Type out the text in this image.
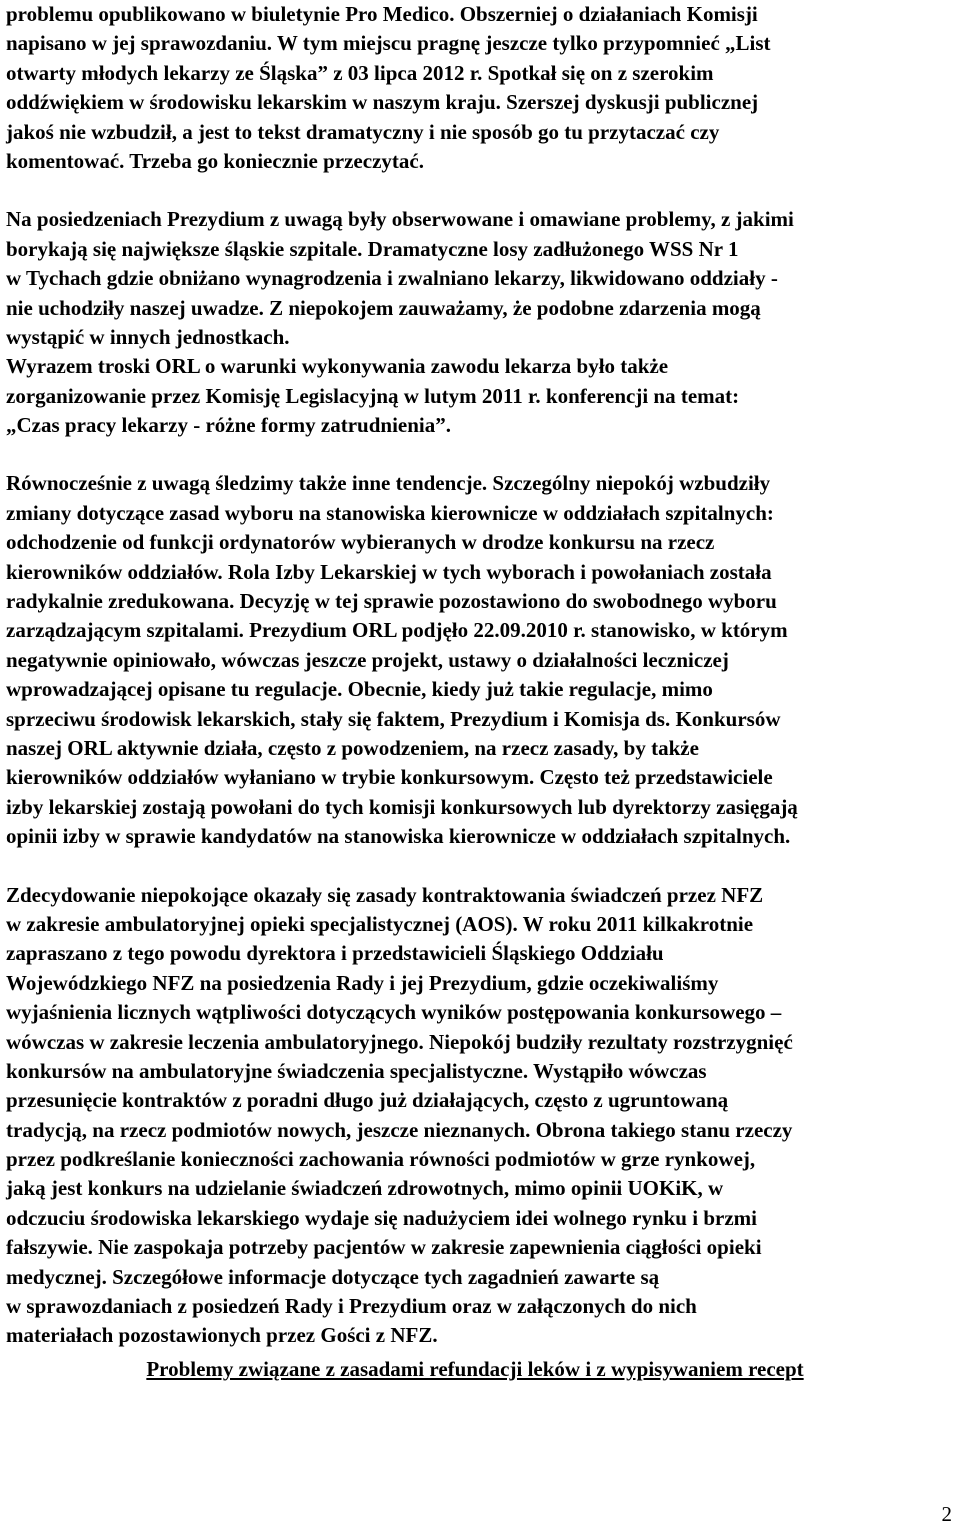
problemu opublikowano w biuletynie Pro Medico. Obszerniej o działaniach Komisji
napisano w jej sprawozdaniu. W tym miejscu pragnę jeszcze tylko przypomnieć „List
otwarty młodych lekarzy ze Śląska” z 03 lipca 2012 r. Spotkał się on z szerokim
oddźwiękiem w środowisku lekarskim w naszym kraju. Szerszej dyskusji publicznej
jakoś nie wzbudził, a jest to tekst dramatyczny i nie sposób go tu przytaczać czy
komentować. Trzeba go koniecznie przeczytać.
Na posiedzeniach Prezydium z uwagą były obserwowane i omawiane problemy, z jakimi
borykają się największe śląskie szpitale. Dramatyczne losy zadłużonego WSS Nr 1
w Tychach gdzie obniżano wynagrodzenia i zwalniano lekarzy, likwidowano oddziały -
nie uchodziły naszej uwadze. Z niepokojem zauważamy, że podobne zdarzenia mogą
wystąpić w innych jednostkach.
Wyrazem troski ORL o warunki wykonywania zawodu lekarza było także
zorganizowanie przez Komisję Legislacyjną w lutym 2011 r. konferencji na temat:
„Czas pracy lekarzy - różne formy zatrudnienia”.
Równocześnie z uwagą śledzimy także inne tendencje. Szczególny niepokój wzbudziły
zmiany dotyczące zasad wyboru na stanowiska kierownicze w oddziałach szpitalnych:
odchodzenie od funkcji ordynatorów wybieranych w drodze konkursu na rzecz
kierowników oddziałów. Rola Izby Lekarskiej w tych wyborach i powołaniach została
radykalnie zredukowana. Decyzję w tej sprawie pozostawiono do swobodnego wyboru
zarządzającym szpitalami. Prezydium ORL podjęło 22.09.2010 r. stanowisko, w którym
negatywnie opiniowało, wówczas jeszcze projekt, ustawy o działalności leczniczej
wprowadzającej opisane tu regulacje. Obecnie, kiedy już takie regulacje, mimo
sprzeciwu środowisk lekarskich, stały się faktem, Prezydium i Komisja ds. Konkursów
naszej ORL aktywnie działa, często z powodzeniem, na rzecz zasady, by także
kierowników oddziałów wyłaniano w trybie konkursowym. Często też przedstawiciele
izby lekarskiej zostają powołani do tych komisji konkursowych lub dyrektorzy zasięgają
opinii izby w sprawie kandydatów na stanowiska kierownicze w oddziałach szpitalnych.
Zdecydowanie niepokojące okazały się zasady kontraktowania świadczeń przez NFZ
w zakresie ambulatoryjnej opieki specjalistycznej (AOS). W roku 2011 kilkakrotnie
zapraszano z tego powodu dyrektora i przedstawicieli Śląskiego Oddziału
Wojewódzkiego NFZ na posiedzenia Rady i jej Prezydium, gdzie oczekiwaliśmy
wyjaśnienia licznych wątpliwości dotyczących wyników postępowania konkursowego –
wówczas w zakresie leczenia ambulatoryjnego. Niepokój budziły rezultaty rozstrzygnięć
konkursów na ambulatoryjne świadczenia specjalistyczne. Wystąpiło wówczas
przesunięcie kontraktów z poradni długo już działających, często z ugruntowaną
tradycją, na rzecz podmiotów nowych, jeszcze nieznanych. Obrona takiego stanu rzeczy
przez podkreślanie konieczności zachowania równości podmiotów w grze rynkowej,
jaką jest konkurs na udzielanie świadczeń zdrowotnych, mimo opinii UOKiK, w
odczuciu środowiska lekarskiego wydaje się nadużyciem idei wolnego rynku i brzmi
fałszywie. Nie zaspokaja potrzeby pacjentów w zakresie zapewnienia ciągłości opieki
medycznej. Szczegółowe informacje dotyczące tych zagadnień zawarte są
w sprawozdaniach z posiedzeń Rady i Prezydium oraz w załączonych do nich
materiałach pozostawionych przez Gości z NFZ.
Problemy związane z zasadami refundacji leków i z wypisywaniem recept
2
